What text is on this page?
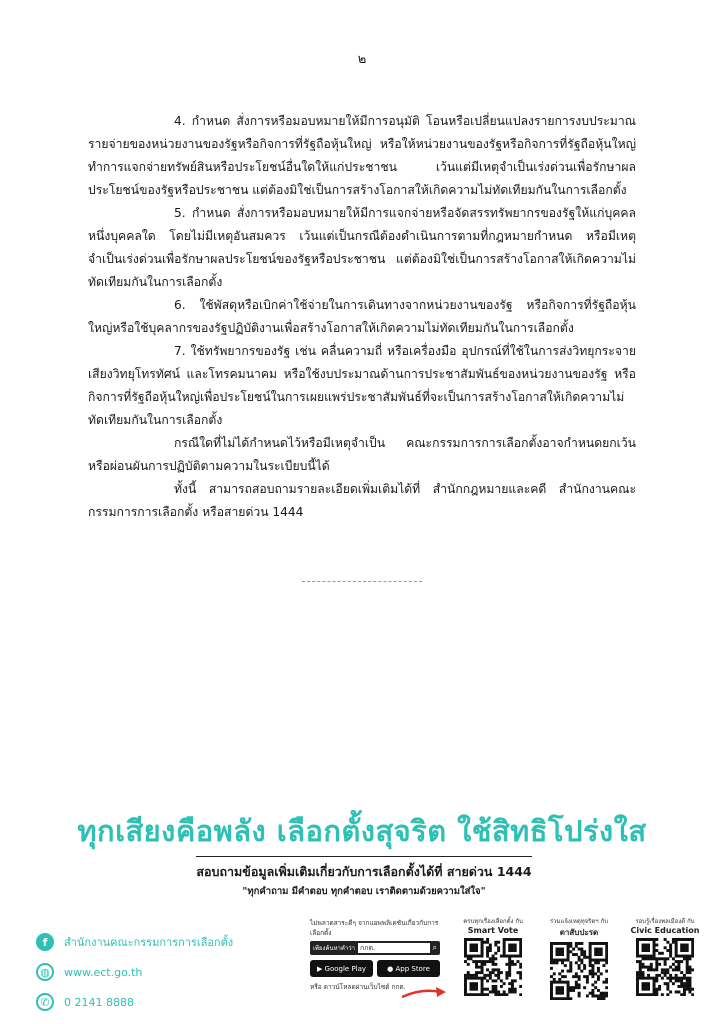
๒

4. กำหนด สั่งการหรือมอบหมายให้มีการอนุมัติ โอนหรือเปลี่ยนแปลงรายการงบประมาณรายจ่ายของหน่วยงานของรัฐหรือกิจการที่รัฐถือหุ้นใหญ่ หรือให้หน่วยงานของรัฐหรือกิจการที่รัฐถือหุ้นใหญ่ทำการแจกจ่ายทรัพย์สินหรือประโยชน์อื่นใดให้แก่ประชาชน เว้นแต่มีเหตุจำเป็นเร่งด่วนเพื่อรักษาผลประโยชน์ของรัฐหรือประชาชน แต่ต้องมิใช่เป็นการสร้างโอกาสให้เกิดความไม่ทัดเทียมกันในการเลือกตั้ง

5. กำหนด สั่งการหรือมอบหมายให้มีการแจกจ่ายหรือจัดสรรทรัพยากรของรัฐให้แก่บุคคลหนึ่งบุคคลใด โดยไม่มีเหตุอันสมควร เว้นแต่เป็นกรณีต้องดำเนินการตามที่กฎหมายกำหนด หรือมีเหตุจำเป็นเร่งด่วนเพื่อรักษาผลประโยชน์ของรัฐหรือประชาชน แต่ต้องมิใช่เป็นการสร้างโอกาสให้เกิดความไม่ทัดเทียมกันในการเลือกตั้ง

6. ใช้พัสดุหรือเบิกค่าใช้จ่ายในการเดินทางจากหน่วยงานของรัฐ หรือกิจการที่รัฐถือหุ้นใหญ่หรือใช้บุคลากรของรัฐปฏิบัติงานเพื่อสร้างโอกาสให้เกิดความไม่ทัดเทียมกันในการเลือกตั้ง

7. ใช้ทรัพยากรของรัฐ เช่น คลื่นความถี่ หรือเครื่องมือ อุปกรณ์ที่ใช้ในการส่งวิทยุกระจายเสียงวิทยุโทรทัศน์ และโทรคมนาคม หรือใช้งบประมาณด้านการประชาสัมพันธ์ของหน่วยงานของรัฐ หรือกิจการที่รัฐถือหุ้นใหญ่เพื่อประโยชน์ในการเผยแพร่ประชาสัมพันธ์ที่จะเป็นการสร้างโอกาสให้เกิดความไม่ทัดเทียมกันในการเลือกตั้ง

กรณีใดที่ไม่ได้กำหนดไว้หรือมีเหตุจำเป็น คณะกรรมการการเลือกตั้งอาจกำหนดยกเว้นหรือผ่อนผันการปฏิบัติตามความในระเบียบนี้ได้

ทั้งนี้ สามารถสอบถามรายละเอียดเพิ่มเติมได้ที่ สำนักกฎหมายและคดี สำนักงานคณะกรรมการการเลือกตั้ง หรือสายด่วน 1444

ทุกเสียงคือพลัง เลือกตั้งสุจริต ใช้สิทธิโปร่งใส
สอบถามข้อมูลเพิ่มเติมเกี่ยวกับการเลือกตั้งได้ที่ สายด่วน 1444
"ทุกคำถาม มีคำตอบ ทุกคำตอบ เราติดตามด้วยความใส่ใจ"
f	สำนักงานคณะกรรมการการเลือกตั้ง
◍	www.ect.go.th
✆	0 2141 8888
ไม่พลาดสาระดีๆ จากแอพพลิเคชันเกี่ยวกับการเลือกตั้ง
เพียงค้นหาคำว่า กกต.	⌕
▶ Google Play	● App Store
หรือ ดาวน์โหลดผ่านเว็บไซต์ กกต.
ครบทุกเรื่องเลือกตั้ง กับ
Smart Vote
ร่วมแจ้งเหตุทุจริตฯ กับ
ตาสับปะรด
รอบรู้เรื่องพลเมืองดี กับ
Civic Education
